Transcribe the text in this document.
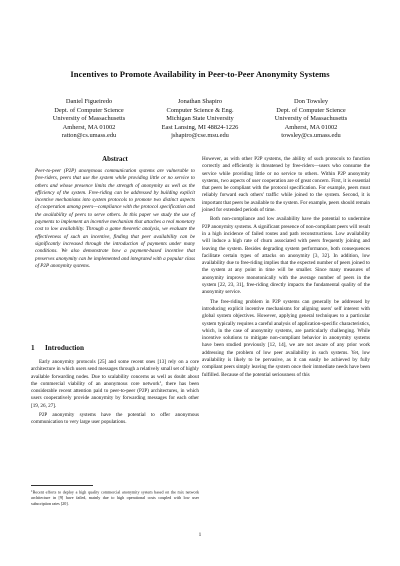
Incentives to Promote Availability in Peer-to-Peer Anonymity Systems
Daniel Figueiredo
Dept. of Computer Science
University of Massachusetts
Amherst, MA 01002
ratton@cs.umass.edu
Jonathan Shapiro
Computer Science & Eng.
Michigan State University
East Lansing, MI 48824-1226
jshapiro@cse.msu.edu
Don Towsley
Dept. of Computer Science
University of Massachusetts
Amherst, MA 01002
towsley@cs.umass.edu
Abstract

Peer-to-peer (P2P) anonymous communication systems are vulnerable to free-riders, peers that use the system while providing little or no service to others and whose presence limits the strength of anonymity as well as the efficiency of the system. Free-riding can be addressed by building explicit incentive mechanisms into system protocols to promote two distinct aspects of cooperation among peers—compliance with the protocol specification and the availability of peers to serve others. In this paper we study the use of payments to implement an incentive mechanism that attaches a real monetary cost to low availability. Through a game theoretic analysis, we evaluate the effectiveness of such an incentive, finding that peer availability can be significantly increased through the introduction of payments under many conditions. We also demonstrate how a payment-based incentive that preserves anonymity can be implemented and integrated with a popular class of P2P anonymity systems.

1 Introduction

Early anonymity protocols [25] and some recent ones [13] rely on a core architecture in which users send messages through a relatively small set of highly available forwarding nodes. Due to scalability concerns as well as doubt about the commercial viability of an anonymous core network$^1$, there has been considerable recent attention paid to peer-to-peer (P2P) architectures, in which users cooperatively provide anonymity by forwarding messages for each other [19, 26, 27].

P2P anonymity systems have the potential to offer anonymous communication to very large user populations.

$^1$Recent efforts to deploy a high quality commercial anonymity system based on the mix network architecture in [9] have failed, mainly due to high operational costs coupled with low user subscription rates [20].

However, as with other P2P systems, the ability of such protocols to function correctly and efficiently is threatened by free-riders—users who consume the service while providing little or no service to others. Within P2P anonymity systems, two aspects of user cooperation are of great concern. First, it is essential that peers be compliant with the protocol specification. For example, peers must reliably forward each others' traffic while joined to the system. Second, it is important that peers be available to the system. For example, peers should remain joined for extended periods of time.

Both non-compliance and low availability have the potential to undermine P2P anonymity systems. A significant presence of non-compliant peers will result in a high incidence of failed routes and path reconstructions. Low availability will induce a high rate of churn associated with peers frequently joining and leaving the system. Besides degrading system performance, both consequences facilitate certain types of attacks on anonymity [3, 32]. In addition, low availability due to free-riding implies that the expected number of peers joined to the system at any point in time will be smaller. Since many measures of anonymity improve monotonically with the average number of peers in the system [22, 23, 31], free-riding directly impacts the fundamental quality of the anonymity service.

The free-riding problem in P2P systems can generally be addressed by introducing explicit incentive mechanisms for aligning users' self interest with global system objectives. However, applying general techniques to a particular system typically requires a careful analysis of application-specific characteristics, which, in the case of anonymity systems, are particularly challenging. While incentive solutions to mitigate non-compliant behavior in anonymity systems have been studied previously [12, 14], we are not aware of any prior work addressing the problem of low peer availability in such systems. Yet, low availability is likely to be pervasive, as it can easily be achieved by fully compliant peers simply leaving the system once their immediate needs have been fulfilled. Because of the potential seriousness of this

1
